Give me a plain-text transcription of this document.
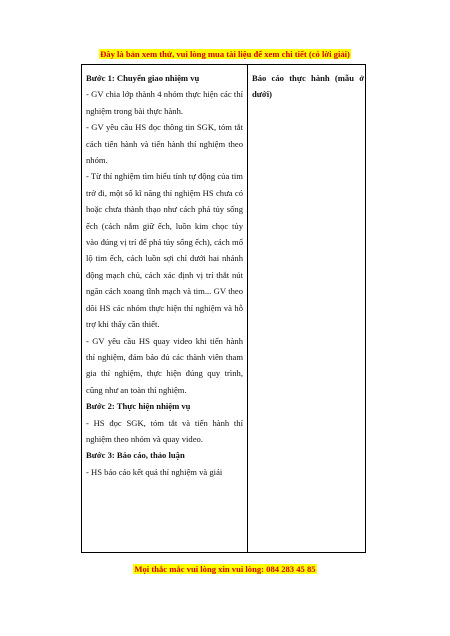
Đây là bản xem thử, vui lòng mua tài liệu để xem chi tiết (có lời giải)

Bước 1: Chuyển giao nhiệm vụ

- GV chia lớp thành 4 nhóm thực hiện các thí nghiệm trong bài thực hành.

- GV yêu cầu HS đọc thông tin SGK, tóm tắt cách tiến hành và tiến hành thí nghiệm theo nhóm.

- Từ thí nghiệm tìm hiểu tính tự động của tim trở đi, một số kĩ năng thí nghiệm HS chưa có hoặc chưa thành thạo như cách phá tủy sống ếch (cách nắm giữ ếch, luồn kim chọc tủy vào đúng vị trí để phá tủy sống ếch), cách mổ lộ tim ếch, cách luồn sợi chỉ dưới hai nhánh động mạch chủ, cách xác định vị trí thắt nút ngăn cách xoang tĩnh mạch và tim... GV theo dõi HS các nhóm thực hiện thí nghiệm và hỗ trợ khi thấy cần thiết.

- GV yêu cầu HS quay video khi tiến hành thí nghiệm, đảm bảo đủ các thành viên tham gia thí nghiệm, thực hiện đúng quy trình, cũng như an toàn thí nghiệm.

Bước 2: Thực hiện nhiệm vụ

- HS đọc SGK, tóm tắt và tiến hành thí nghiệm theo nhóm và quay video.

Bước 3: Báo cáo, thảo luận

- HS báo cáo kết quả thí nghiệm và giải

Báo cáo thực hành (mẫu ở dưới)

Mọi thắc mắc vui lòng xin vui lòng: 084 283 45 85
